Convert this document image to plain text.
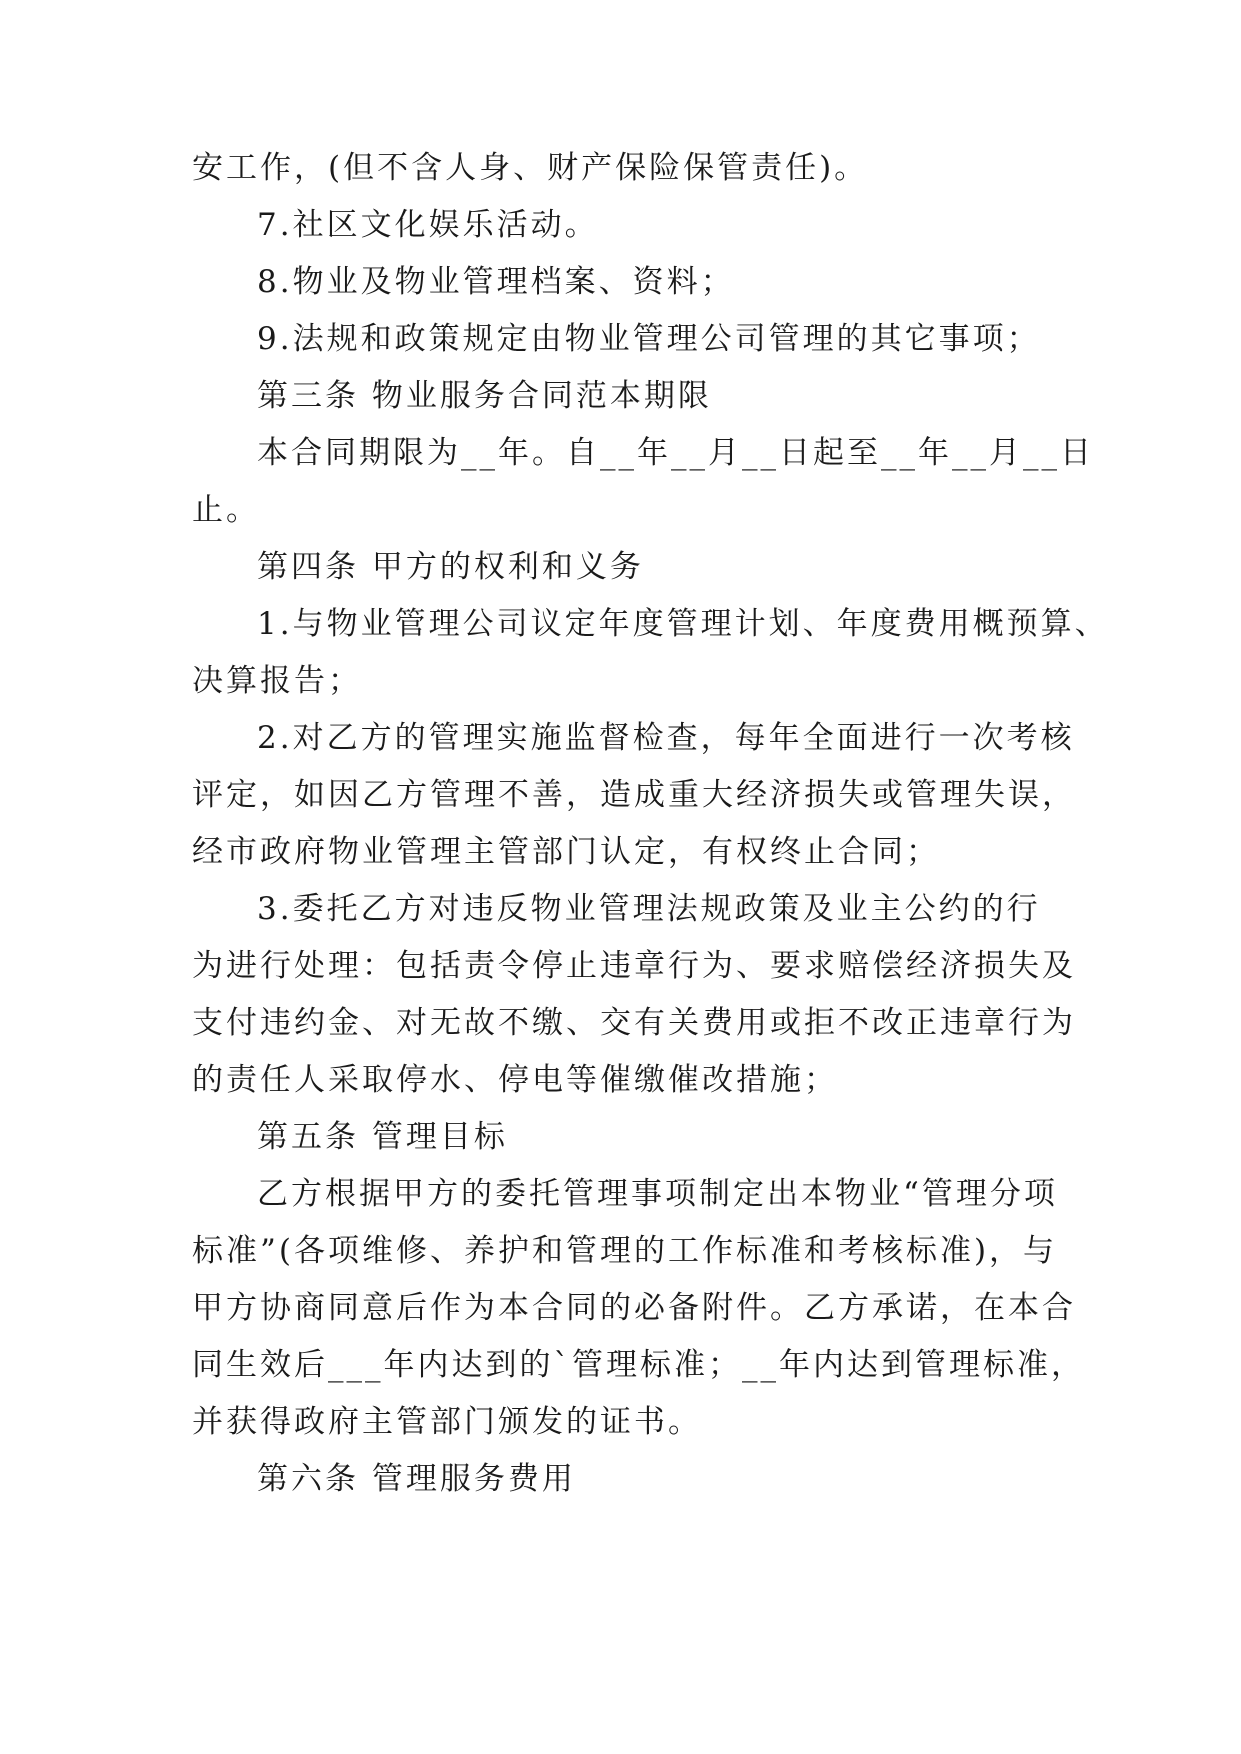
安工作，(但不含人身、财产保险保管责任)。

7.社区文化娱乐活动。

8.物业及物业管理档案、资料；

9.法规和政策规定由物业管理公司管理的其它事项；

第三条 物业服务合同范本期限

本合同期限为__年。自__年__月__日起至__年__月__日

止。

第四条 甲方的权利和义务

1.与物业管理公司议定年度管理计划、年度费用概预算、

决算报告；

2.对乙方的管理实施监督检查，每年全面进行一次考核

评定，如因乙方管理不善，造成重大经济损失或管理失误，

经市政府物业管理主管部门认定，有权终止合同；

3.委托乙方对违反物业管理法规政策及业主公约的行

为进行处理：包括责令停止违章行为、要求赔偿经济损失及

支付违约金、对无故不缴、交有关费用或拒不改正违章行为

的责任人采取停水、停电等催缴催改措施；

第五条 管理目标

乙方根据甲方的委托管理事项制定出本物业“管理分项

标准”(各项维修、养护和管理的工作标准和考核标准)，与

甲方协商同意后作为本合同的必备附件。乙方承诺，在本合

同生效后___年内达到的`管理标准；__年内达到管理标准，

并获得政府主管部门颁发的证书。

第六条 管理服务费用
